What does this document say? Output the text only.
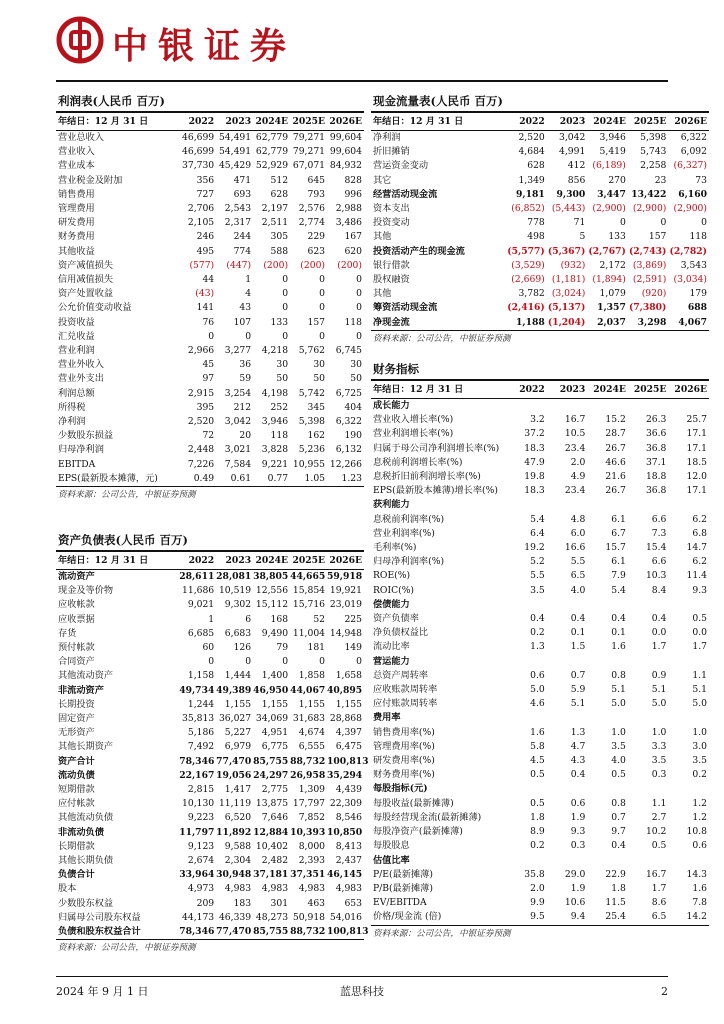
中银证券
利润表(人民币 百万)
年结日：12 月 31 日	2022	2023	2024E	2025E	2026E
营业总收入	46,699	54,491	62,779	79,271	99,604
营业收入	46,699	54,491	62,779	79,271	99,604
营业成本	37,730	45,429	52,929	67,071	84,932
营业税金及附加	356	471	512	645	828
销售费用	727	693	628	793	996
管理费用	2,706	2,543	2,197	2,576	2,988
研发费用	2,105	2,317	2,511	2,774	3,486
财务费用	246	244	305	229	167
其他收益	495	774	588	623	620
资产减值损失	(577)	(447)	(200)	(200)	(200)
信用减值损失	44	1	0	0	0
资产处置收益	(43)	4	0	0	0
公允价值变动收益	141	43	0	0	0
投资收益	76	107	133	157	118
汇兑收益	0	0	0	0	0
营业利润	2,966	3,277	4,218	5,762	6,745
营业外收入	45	36	30	30	30
营业外支出	97	59	50	50	50
利润总额	2,915	3,254	4,198	5,742	6,725
所得税	395	212	252	345	404
净利润	2,520	3,042	3,946	5,398	6,322
少数股东损益	72	20	118	162	190
归母净利润	2,448	3,021	3,828	5,236	6,132
EBITDA	7,226	7,584	9,221	10,955	12,266
EPS(最新股本摊薄，元)	0.49	0.61	0.77	1.05	1.23
资料来源：公司公告，中银证券预测
资产负债表(人民币 百万)
年结日：12 月 31 日	2022	2023	2024E	2025E	2026E
流动资产	28,611	28,081	38,805	44,665	59,918
现金及等价物	11,686	10,519	12,556	15,854	19,921
应收帐款	9,021	9,302	15,112	15,716	23,019
应收票据	1	6	168	52	225
存货	6,685	6,683	9,490	11,004	14,948
预付帐款	60	126	79	181	149
合同资产	0	0	0	0	0
其他流动资产	1,158	1,444	1,400	1,858	1,658
非流动资产	49,734	49,389	46,950	44,067	40,895
长期投资	1,244	1,155	1,155	1,155	1,155
固定资产	35,813	36,027	34,069	31,683	28,868
无形资产	5,186	5,227	4,951	4,674	4,397
其他长期资产	7,492	6,979	6,775	6,555	6,475
资产合计	78,346	77,470	85,755	88,732	100,813
流动负债	22,167	19,056	24,297	26,958	35,294
短期借款	2,815	1,417	2,775	1,309	4,439
应付帐款	10,130	11,119	13,875	17,797	22,309
其他流动负债	9,223	6,520	7,646	7,852	8,546
非流动负债	11,797	11,892	12,884	10,393	10,850
长期借款	9,123	9,588	10,402	8,000	8,413
其他长期负债	2,674	2,304	2,482	2,393	2,437
负债合计	33,964	30,948	37,181	37,351	46,145
股本	4,973	4,983	4,983	4,983	4,983
少数股东权益	209	183	301	463	653
归属母公司股东权益	44,173	46,339	48,273	50,918	54,016
负债和股东权益合计	78,346	77,470	85,755	88,732	100,813
资料来源：公司公告，中银证券预测
现金流量表(人民币 百万)
年结日：12 月 31 日	2022	2023	2024E	2025E	2026E
净利润	2,520	3,042	3,946	5,398	6,322
折旧摊销	4,684	4,991	5,419	5,743	6,092
营运资金变动	628	412	(6,189)	2,258	(6,327)
其它	1,349	856	270	23	73
经营活动现金流	9,181	9,300	3,447	13,422	6,160
资本支出	(6,852)	(5,443)	(2,900)	(2,900)	(2,900)
投资变动	778	71	0	0	0
其他	498	5	133	157	118
投资活动产生的现金流	(5,577)	(5,367)	(2,767)	(2,743)	(2,782)
银行借款	(3,529)	(932)	2,172	(3,869)	3,543
股权融资	(2,669)	(1,181)	(1,894)	(2,591)	(3,034)
其他	3,782	(3,024)	1,079	(920)	179
筹资活动现金流	(2,416)	(5,137)	1,357	(7,380)	688
净现金流	1,188	(1,204)	2,037	3,298	4,067
资料来源：公司公告，中银证券预测
财务指标
年结日：12 月 31 日	2022	2023	2024E	2025E	2026E
成长能力					
营业收入增长率(%)	3.2	16.7	15.2	26.3	25.7
营业利润增长率(%)	37.2	10.5	28.7	36.6	17.1
归属于母公司净利润增长率(%)	18.3	23.4	26.7	36.8	17.1
息税前利润增长率(%)	47.9	2.0	46.6	37.1	18.5
息税折旧前利润增长率(%)	19.8	4.9	21.6	18.8	12.0
EPS(最新股本摊薄)增长率(%)	18.3	23.4	26.7	36.8	17.1
获利能力					
息税前利润率(%)	5.4	4.8	6.1	6.6	6.2
营业利润率(%)	6.4	6.0	6.7	7.3	6.8
毛利率(%)	19.2	16.6	15.7	15.4	14.7
归母净利润率(%)	5.2	5.5	6.1	6.6	6.2
ROE(%)	5.5	6.5	7.9	10.3	11.4
ROIC(%)	3.5	4.0	5.4	8.4	9.3
偿债能力					
资产负债率	0.4	0.4	0.4	0.4	0.5
净负债权益比	0.2	0.1	0.1	0.0	0.0
流动比率	1.3	1.5	1.6	1.7	1.7
营运能力					
总资产周转率	0.6	0.7	0.8	0.9	1.1
应收账款周转率	5.0	5.9	5.1	5.1	5.1
应付账款周转率	4.6	5.1	5.0	5.0	5.0
费用率					
销售费用率(%)	1.6	1.3	1.0	1.0	1.0
管理费用率(%)	5.8	4.7	3.5	3.3	3.0
研发费用率(%)	4.5	4.3	4.0	3.5	3.5
财务费用率(%)	0.5	0.4	0.5	0.3	0.2
每股指标(元)					
每股收益(最新摊薄)	0.5	0.6	0.8	1.1	1.2
每股经营现金流(最新摊薄)	1.8	1.9	0.7	2.7	1.2
每股净资产(最新摊薄)	8.9	9.3	9.7	10.2	10.8
每股股息	0.2	0.3	0.4	0.5	0.6
估值比率					
P/E(最新摊薄)	35.8	29.0	22.9	16.7	14.3
P/B(最新摊薄)	2.0	1.9	1.8	1.7	1.6
EV/EBITDA	9.9	10.6	11.5	8.6	7.8
价格/现金流 (倍)	9.5	9.4	25.4	6.5	14.2
资料来源：公司公告，中银证券预测
2024 年 9 月 1 日	蓝思科技	2
